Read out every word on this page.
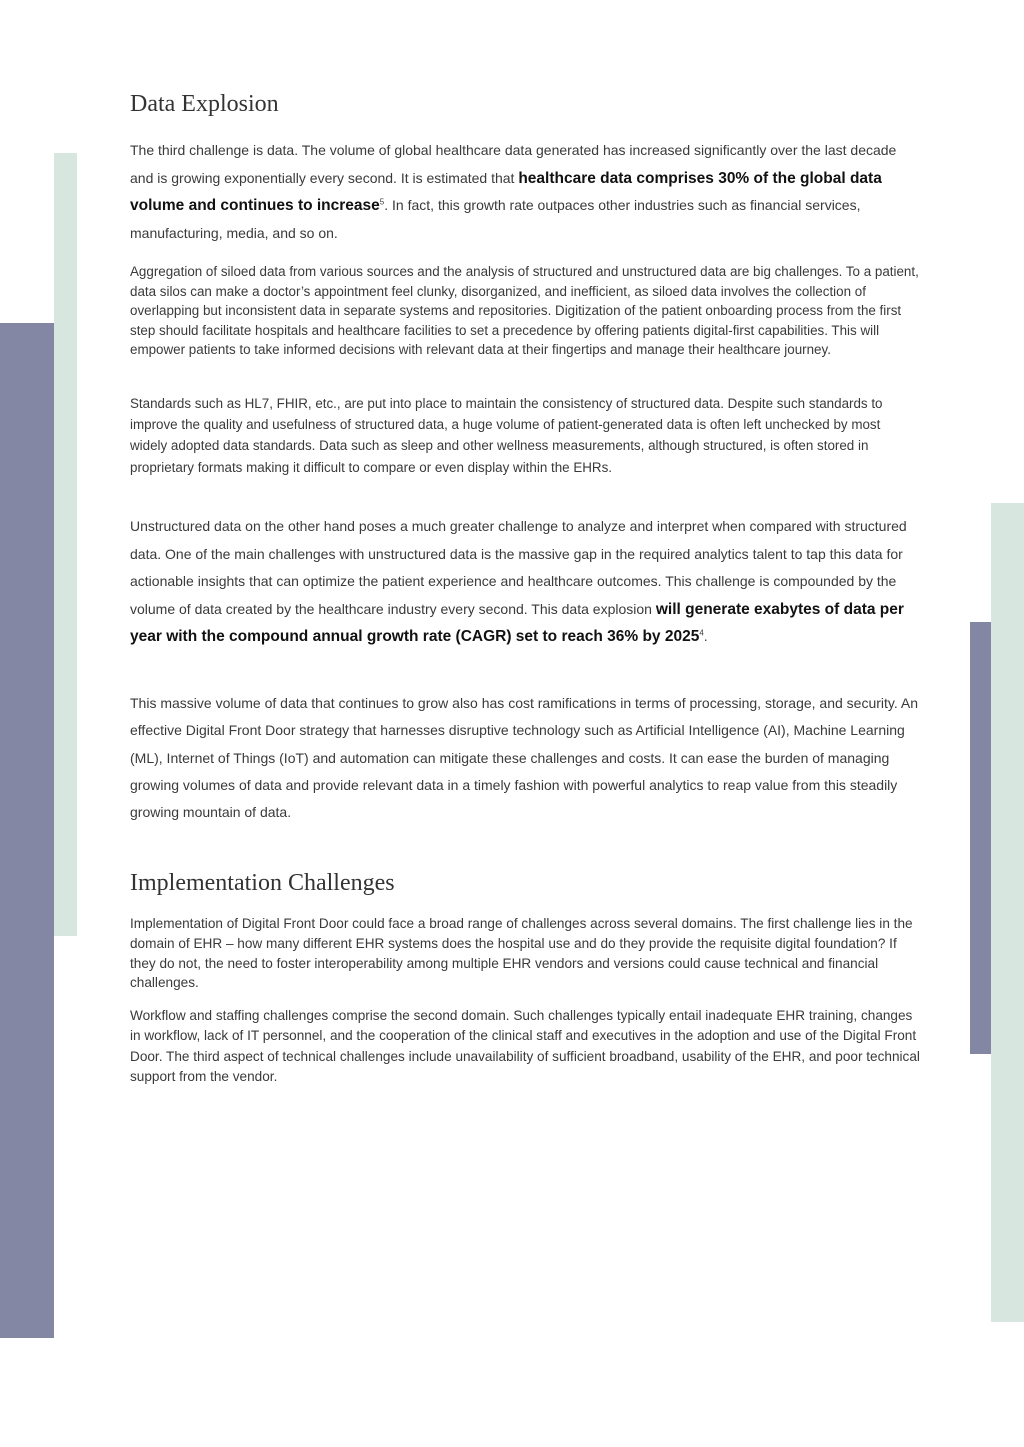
Data Explosion

The third challenge is data. The volume of global healthcare data generated has increased significantly over the last decade and is growing exponentially every second. It is estimated that healthcare data comprises 30% of the global data volume and continues to increase$^5$. In fact, this growth rate outpaces other industries such as financial services, manufacturing, media, and so on.

Aggregation of siloed data from various sources and the analysis of structured and unstructured data are big challenges. To a patient, data silos can make a doctor’s appointment feel clunky, disorganized, and inefficient, as siloed data involves the collection of overlapping but inconsistent data in separate systems and repositories. Digitization of the patient onboarding process from the first step should facilitate hospitals and healthcare facilities to set a precedence by offering patients digital-first capabilities. This will empower patients to take informed decisions with relevant data at their fingertips and manage their healthcare journey.

Standards such as HL7, FHIR, etc., are put into place to maintain the consistency of structured data. Despite such standards to improve the quality and usefulness of structured data, a huge volume of patient-generated data is often left unchecked by most widely adopted data standards. Data such as sleep and other wellness measurements, although structured, is often stored in proprietary formats making it difficult to compare or even display within the EHRs.

Unstructured data on the other hand poses a much greater challenge to analyze and interpret when compared with structured data. One of the main challenges with unstructured data is the massive gap in the required analytics talent to tap this data for actionable insights that can optimize the patient experience and healthcare outcomes. This challenge is compounded by the volume of data created by the healthcare industry every second. This data explosion will generate exabytes of data per year with the compound annual growth rate (CAGR) set to reach 36% by 2025$^4$.

This massive volume of data that continues to grow also has cost ramifications in terms of processing, storage, and security. An effective Digital Front Door strategy that harnesses disruptive technology such as Artificial Intelligence (AI), Machine Learning (ML), Internet of Things (IoT) and automation can mitigate these challenges and costs. It can ease the burden of managing growing volumes of data and provide relevant data in a timely fashion with powerful analytics to reap value from this steadily growing mountain of data.

Implementation Challenges

Implementation of Digital Front Door could face a broad range of challenges across several domains. The first challenge lies in the domain of EHR – how many different EHR systems does the hospital use and do they provide the requisite digital foundation? If they do not, the need to foster interoperability among multiple EHR vendors and versions could cause technical and financial challenges.

Workflow and staffing challenges comprise the second domain. Such challenges typically entail inadequate EHR training, changes in workflow, lack of IT personnel, and the cooperation of the clinical staff and executives in the adoption and use of the Digital Front Door. The third aspect of technical challenges include unavailability of sufficient broadband, usability of the EHR, and poor technical support from the vendor.
